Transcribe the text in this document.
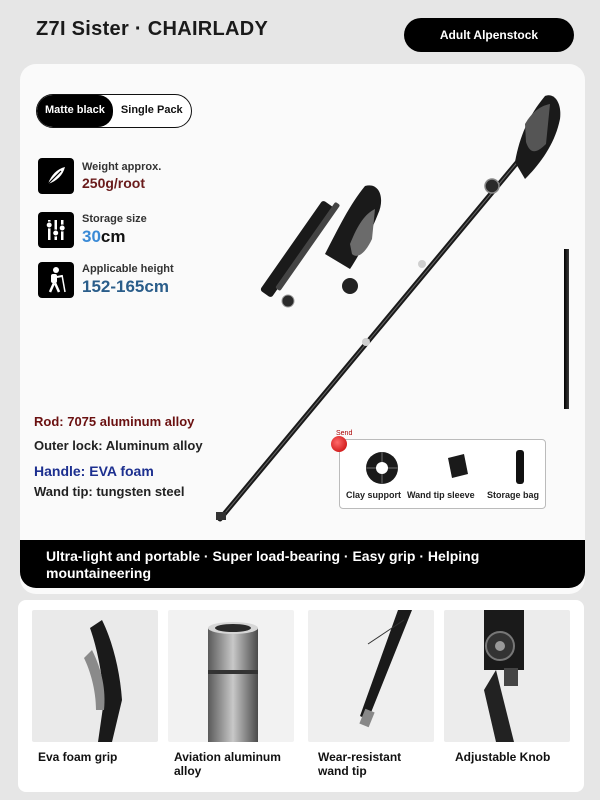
Z7I Sister · CHAIRLADY	Adult Alpenstock
Matte black	Single Pack
Weight approx.
250g/root
Storage size
30cm
Applicable height
152-165cm
Rod: 7075 aluminum alloy
Outer lock: Aluminum alloy
Handle: EVA foam
Wand tip: tungsten steel	Clay support Wand tip sleeve Storage bag
Send
Ultra-light and portable · Super load-bearing · Easy grip · Helping mountaineering
Eva foam grip	Aviation aluminum alloy
Wear-resistant wand tip
Adjustable Knob
